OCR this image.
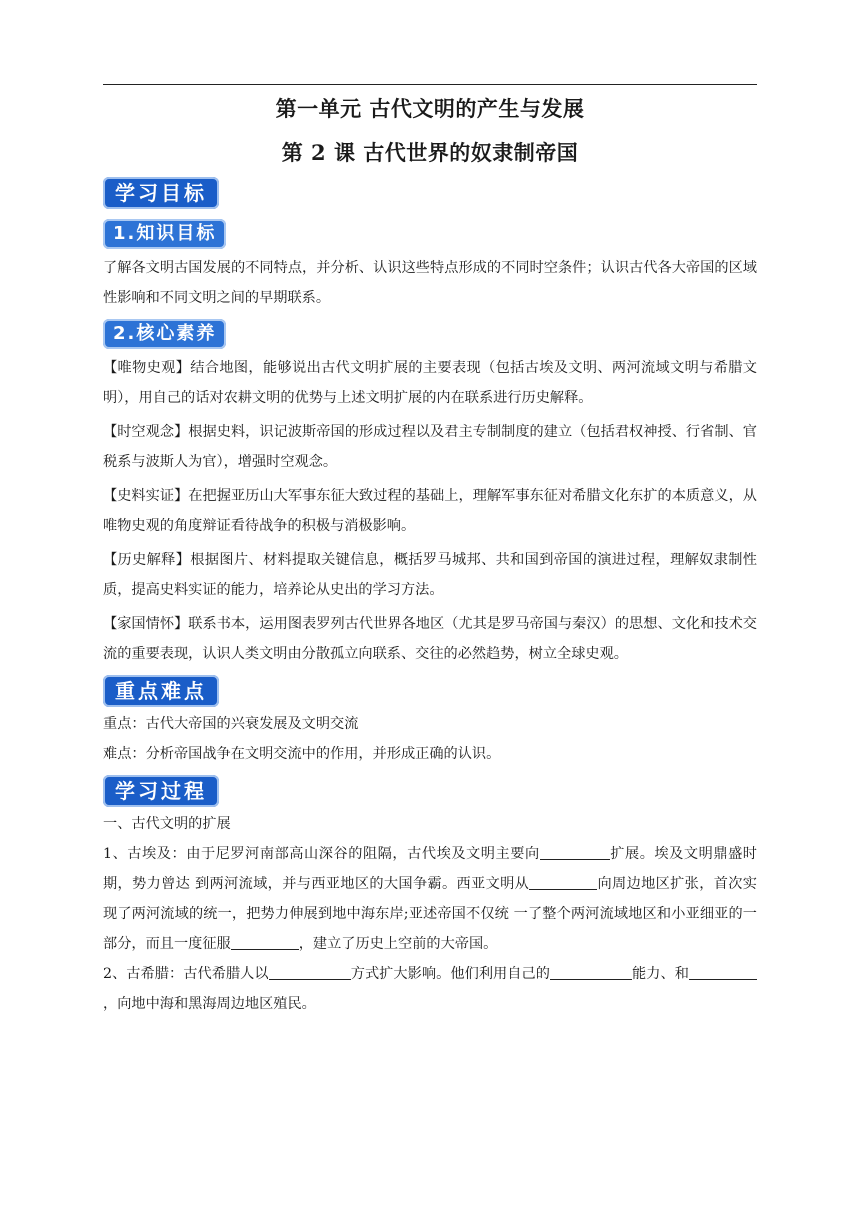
第一单元 古代文明的产生与发展
第 2 课 古代世界的奴隶制帝国
学习目标
1.知识目标

了解各文明古国发展的不同特点，并分析、认识这些特点形成的不同时空条件；认识古代各大帝国的区域性影响和不同文明之间的早期联系。

2.核心素养

【唯物史观】结合地图，能够说出古代文明扩展的主要表现（包括古埃及文明、两河流域文明与希腊文明），用自己的话对农耕文明的优势与上述文明扩展的内在联系进行历史解释。

【时空观念】根据史料，识记波斯帝国的形成过程以及君主专制制度的建立（包括君权神授、行省制、官税系与波斯人为官），增强时空观念。

【史料实证】在把握亚历山大军事东征大致过程的基础上，理解军事东征对希腊文化东扩的本质意义，从唯物史观的角度辩证看待战争的积极与消极影响。

【历史解释】根据图片、材料提取关键信息，概括罗马城邦、共和国到帝国的演进过程，理解奴隶制性质，提高史料实证的能力，培养论从史出的学习方法。

【家国情怀】联系书本，运用图表罗列古代世界各地区（尤其是罗马帝国与秦汉）的思想、文化和技术交流的重要表现，认识人类文明由分散孤立向联系、交往的必然趋势，树立全球史观。

重点难点

重点：古代大帝国的兴衰发展及文明交流

难点：分析帝国战争在文明交流中的作用，并形成正确的认识。

学习过程

一、古代文明的扩展

1、古埃及：由于尼罗河南部高山深谷的阻隔，古代埃及文明主要向	扩展。埃及文明鼎盛时期，势力曾达 到两河流域，并与西亚地区的大国争霸。西亚文明从	向周边地区扩张，首次实现了两河流域的统一，把势力伸展到地中海东岸;亚述帝国不仅统 一了整个两河流域地区和小亚细亚的一部分，而且一度征服	，建立了历史上空前的大帝国。

2、古希腊：古代希腊人以	方式扩大影响。他们利用自己的	能力、和，向地中海和黑海周边地区殖民。
